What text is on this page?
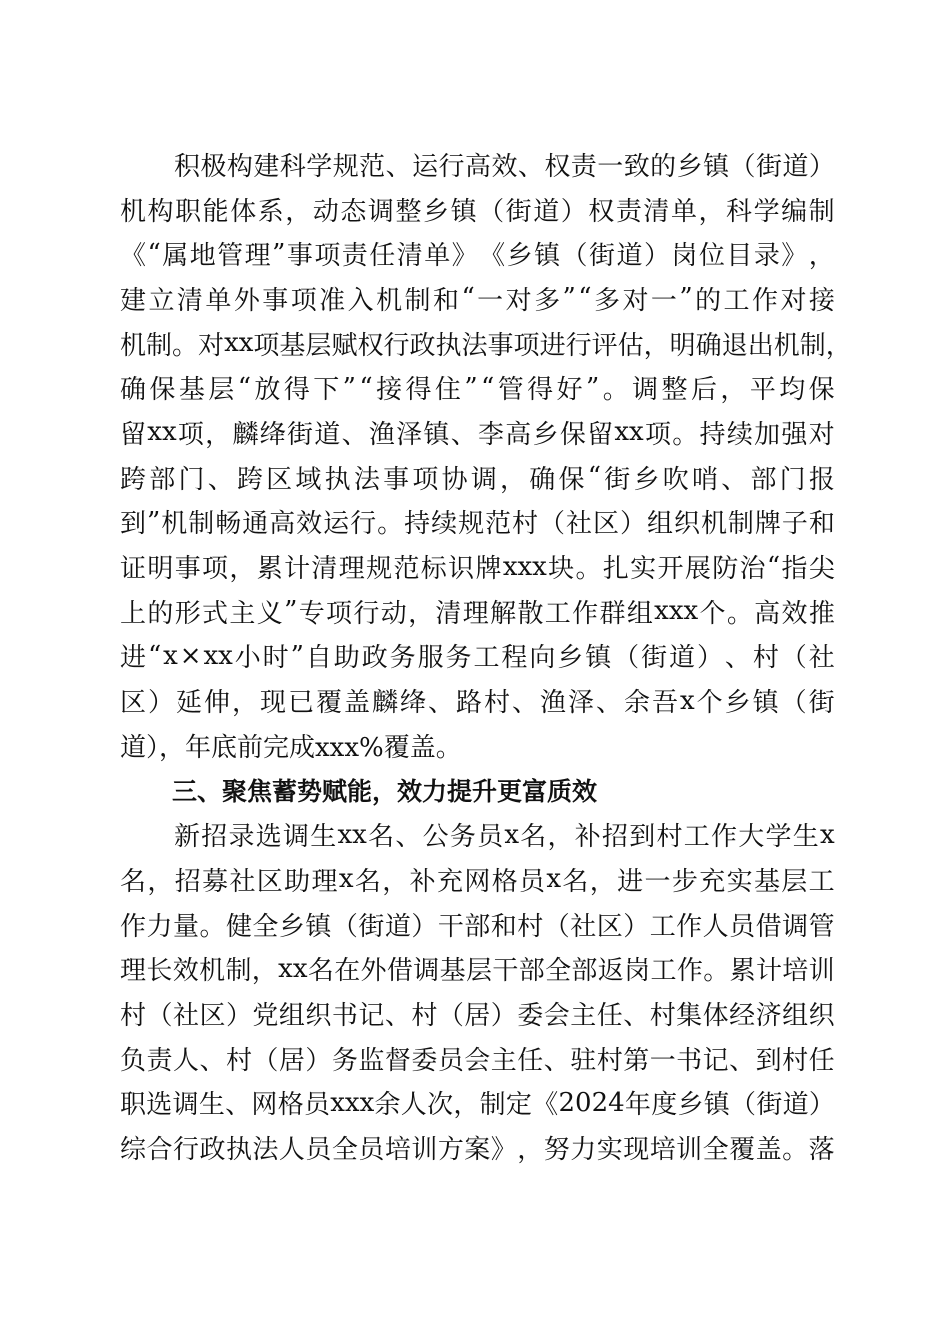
积 极 构 建 科 学 规 范 、 运 行 高 效 、 权 责 一 致 的 乡 镇 （ 街 道 ）
机 构 职 能 体 系 ， 动 态 调 整 乡 镇 （ 街 道 ） 权 责 清 单 ， 科 学 编 制
《 “ 属 地 管 理 ” 事 项 责 任 清 单 》 《 乡 镇 （ 街 道 ） 岗 位 目 录 》 ，
建 立 清 单 外 事 项 准 入 机 制 和 “ 一 对 多 ” “ 多 对 一 ” 的 工 作 对 接
机 制 。 对 xx 项 基 层 赋 权 行 政 执 法 事 项 进 行 评 估 ， 明 确 退 出 机 制 ，
确 保 基 层 “ 放 得 下 ” “ 接 得 住 ” “ 管 得 好 ” 。 调 整 后 ， 平 均 保
留 xx 项 ， 麟 绛 街 道 、 渔 泽 镇 、 李 高 乡 保 留 xx 项 。 持 续 加 强 对
跨 部 门 、 跨 区 域 执 法 事 项 协 调 ， 确 保 “ 街 乡 吹 哨 、 部 门 报
到 ” 机 制 畅 通 高 效 运 行 。 持 续 规 范 村 （ 社 区 ） 组 织 机 制 牌 子 和
证 明 事 项 ， 累 计 清 理 规 范 标 识 牌 xxx 块 。 扎 实 开 展 防 治 “ 指 尖
上 的 形 式 主 义 ” 专 项 行 动 ， 清 理 解 散 工 作 群 组 xxx 个 。 高 效 推
进 “ x × xx 小 时 ” 自 助 政 务 服 务 工 程 向 乡 镇 （ 街 道 ） 、 村 （ 社
区 ） 延 伸 ， 现 已 覆 盖 麟 绛 、 路 村 、 渔 泽 、 余 吾 x 个 乡 镇 （ 街
道），年底前完成xxx%覆盖。
三、聚焦蓄势赋能，效力提升更富质效
新 招 录 选 调 生 xx 名 、 公 务 员 x 名 ， 补 招 到 村 工 作 大 学 生 x
名 ， 招 募 社 区 助 理 x 名 ， 补 充 网 格 员 x 名 ， 进 一 步 充 实 基 层 工
作 力 量 。 健 全 乡 镇 （ 街 道 ） 干 部 和 村 （ 社 区 ） 工 作 人 员 借 调 管
理 长 效 机 制 ， xx 名 在 外 借 调 基 层 干 部 全 部 返 岗 工 作 。 累 计 培 训
村 （ 社 区 ） 党 组 织 书 记 、 村 （ 居 ） 委 会 主 任 、 村 集 体 经 济 组 织
负 责 人 、 村 （ 居 ） 务 监 督 委 员 会 主 任 、 驻 村 第 一 书 记 、 到 村 任
职 选 调 生 、 网 格 员 xxx 余 人 次 ， 制 定 《 2024 年 度 乡 镇 （ 街 道 ）
综 合 行 政 执 法 人 员 全 员 培 训 方 案 》 ， 努 力 实 现 培 训 全 覆 盖 。 落
